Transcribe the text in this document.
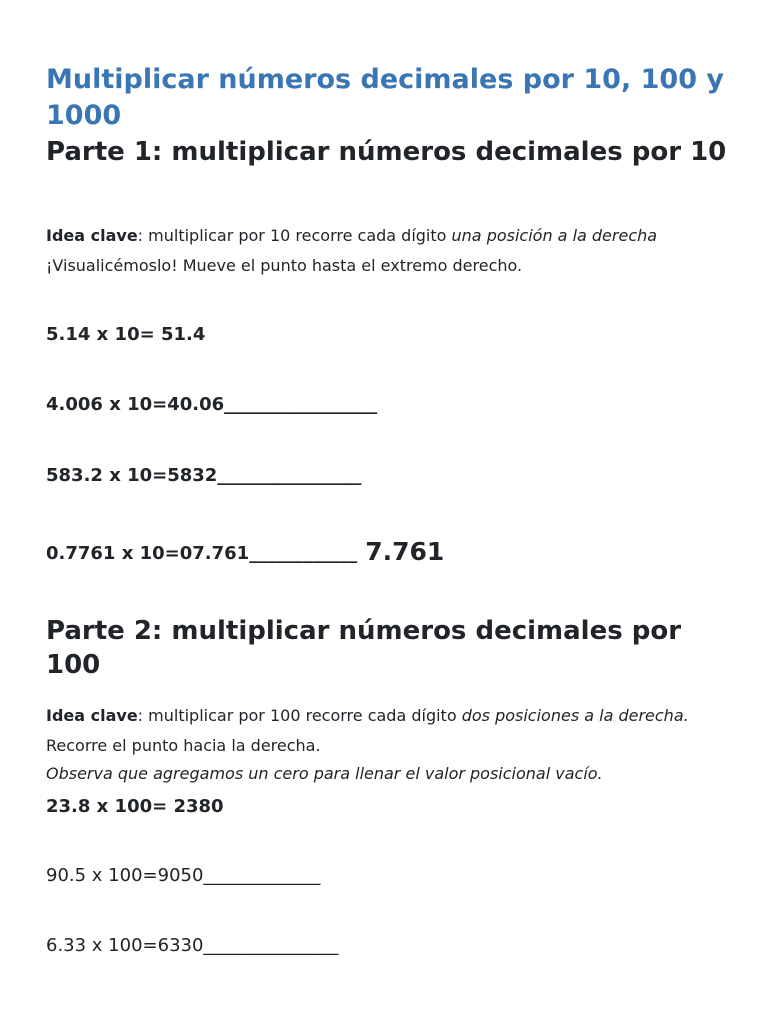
Multiplicar números decimales por 10, 100 y 1000
Parte 1: multiplicar números decimales por 10

Idea clave: multiplicar por 10 recorre cada dígito una posición a la derecha ¡Visualicémoslo! Mueve el punto hasta el extremo derecho.

5.14 x 10= 51.4
4.006 x 10=40.06_________________
583.2 x 10=5832________________
0.7761 x 10=07.761____________ 7.761
Parte 2: multiplicar números decimales por 100

Idea clave: multiplicar por 100 recorre cada dígito dos posiciones a la derecha. Recorre el punto hacia la derecha.

Observa que agregamos un cero para llenar el valor posicional vacío.

23.8 x 100= 2380
90.5 x 100=9050_____________
6.33 x 100=6330_______________
